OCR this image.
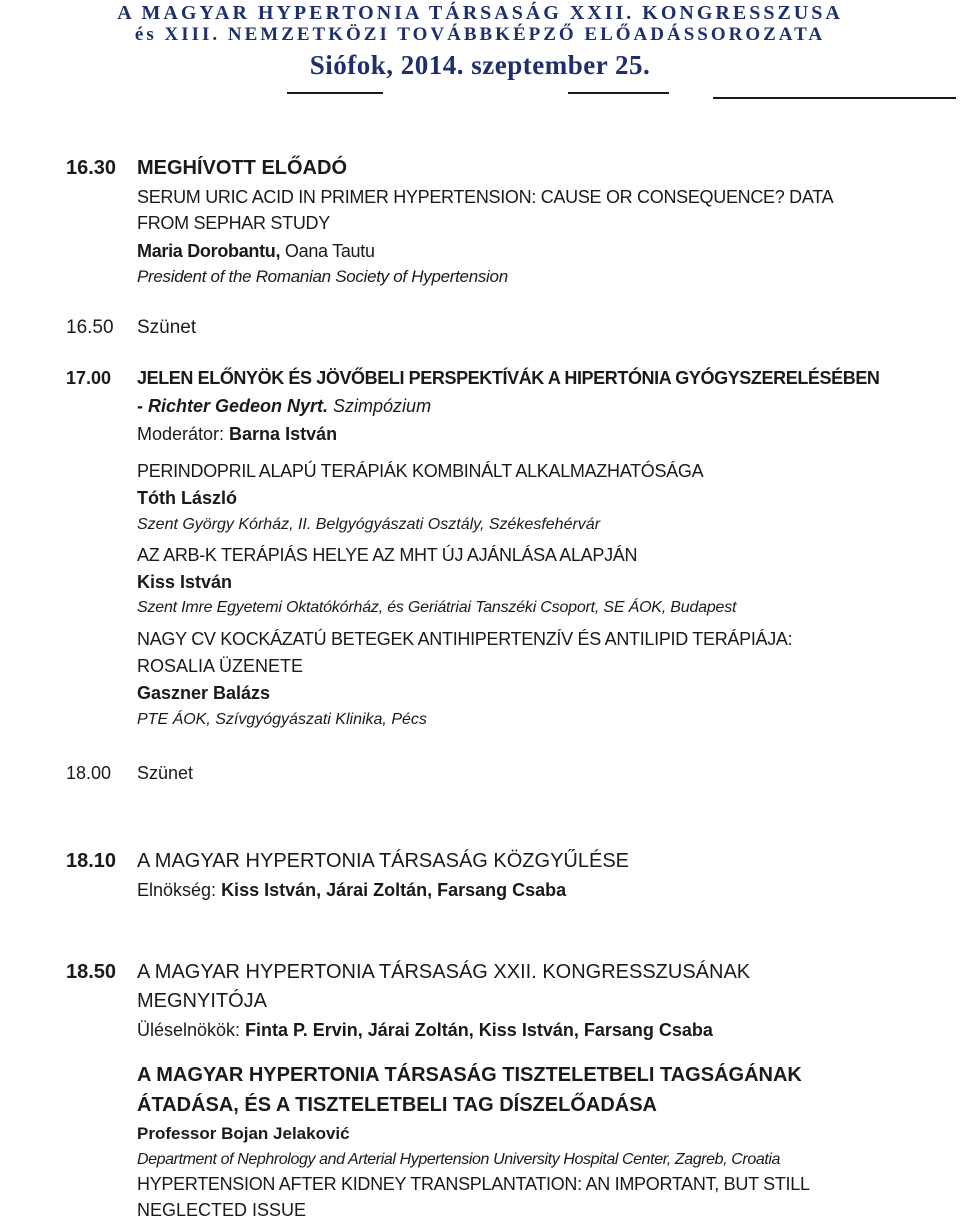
A MAGYAR HYPERTONIA TÁRSASÁG XXII. KONGRESSZUSA
és XIII. NEMZETKÖZI TOVÁBBKÉPZŐ ELŐADÁSSOROZATA
Siófok, 2014. szeptember 25.
16.30 MEGHÍVOTT ELŐADÓ
SERUM URIC ACID IN PRIMER HYPERTENSION: CAUSE OR CONSEQUENCE? DATA
FROM SEPHAR STUDY
Maria Dorobantu, Oana Tautu
President of the Romanian Society of Hypertension
16.50 Szünet
17.00 JELEN ELŐNYÖK ÉS JÖVŐBELI PERSPEKTÍVÁK A HIPERTÓNIA GYÓGYSZERELÉSÉBEN
- Richter Gedeon Nyrt. Szimpózium
Moderátor: Barna István
PERINDOPRIL ALAPÚ TERÁPIÁK KOMBINÁLT ALKALMAZHATÓSÁGA
Tóth László
Szent György Kórház, II. Belgyógyászati Osztály, Székesfehérvár
AZ ARB-K TERÁPIÁS HELYE AZ MHT ÚJ AJÁNLÁSA ALAPJÁN
Kiss István
Szent Imre Egyetemi Oktatókórház, és Geriátriai Tanszéki Csoport, SE ÁOK, Budapest
NAGY CV KOCKÁZATÚ BETEGEK ANTIHIPERTENZÍV ÉS ANTILIPID TERÁPIÁJA:
ROSALIA ÜZENETE
Gaszner Balázs
PTE ÁOK, Szívgyógyászati Klinika, Pécs
18.00 Szünet
18.10 A MAGYAR HYPERTONIA TÁRSASÁG KÖZGYŰLÉSE
Elnökség: Kiss István, Járai Zoltán, Farsang Csaba
18.50 A MAGYAR HYPERTONIA TÁRSASÁG XXII. KONGRESSZUSÁNAK
MEGNYITÓJA
Üléselnökök: Finta P. Ervin, Járai Zoltán, Kiss István, Farsang Csaba
A MAGYAR HYPERTONIA TÁRSASÁG TISZTELETBELI TAGSÁGÁNAK
ÁTADÁSA, ÉS A TISZTELETBELI TAG DÍSZELŐADÁSA
Professor Bojan Jelaković
Department of Nephrology and Arterial Hypertension University Hospital Center, Zagreb, Croatia
HYPERTENSION AFTER KIDNEY TRANSPLANTATION: AN IMPORTANT, BUT STILL
NEGLECTED ISSUE
